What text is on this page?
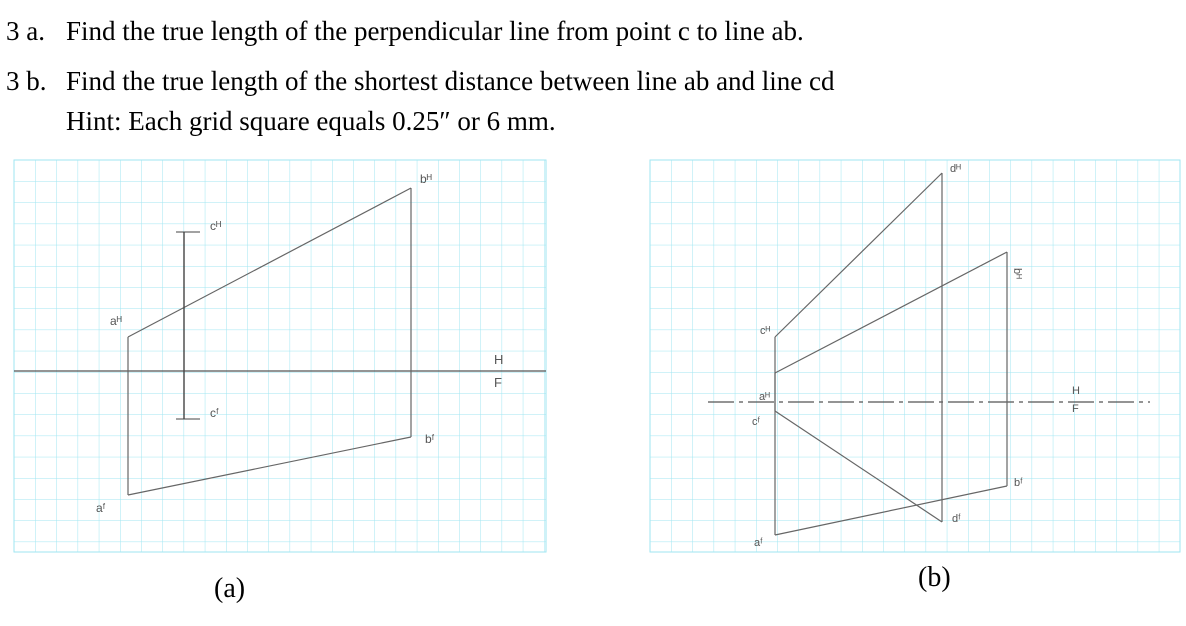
3 a. Find the true length of the perpendicular line from point c to line ab.
3 b. Find the true length of the shortest distance between line ab and line cd
Hint: Each grid square equals 0.25″ or 6 mm.
bᴴ
cᴴ
aᴴ
H
F
cᶠ
bᶠ
aᶠ
dᴴ
bᴴ
cᴴ
aᴴ
cᶠ
H
F
bᶠ
dᶠ
aᶠ
(a)	(b)
